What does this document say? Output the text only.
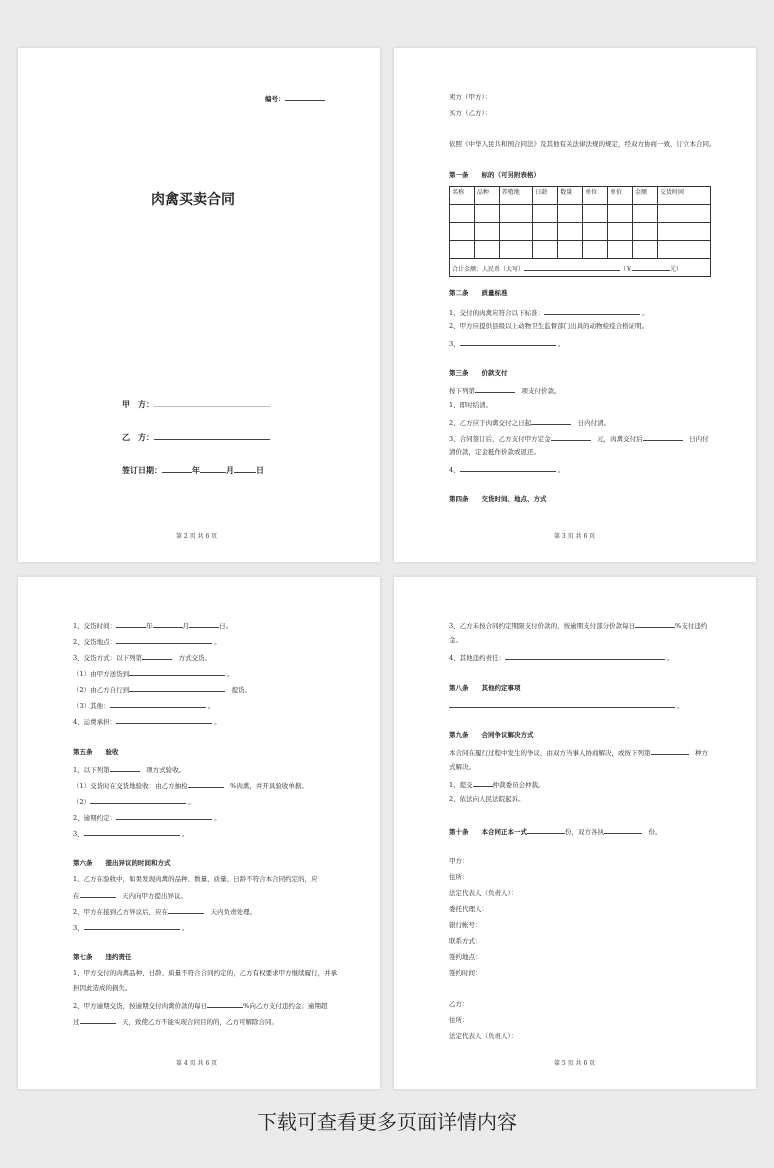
编号：
肉禽买卖合同
甲　方：
乙　方：
签订日期：	年	月	日
第 2 页 共 6 页
卖方（甲方）：
买方（乙方）：
依照《中华人民共和国合同法》及其他有关法律法规的规定，经双方协商一致，订立本合同。
第一条　　标的（可另附表格）
名称	品种	养殖地	日龄	数量	单位	单价	金额	交货时间

合计金额：人民币（大写） （￥ 元）								
第二条　　质量标准
1、交付的肉禽应符合以下标准：	。
2、甲方应提供县级以上动物卫生监督部门出具的动物检疫合格证明。
3、	。
第三条　　价款支付
按下列第　	项支付价款。
1、即时结清。
2、乙方应于肉禽交付之日起　	日内付清。
3、合同签订后，乙方支付甲方定金　	元，肉禽交付后　	日内付
清价款，定金抵作价款或返还。
4、	。
第四条　　交货时间、地点、方式
第 3 页 共 6 页
1、交货时间：	年	月	日。
2、交货地点：	。
3、交货方式：以下列第　	方式交货。
（1）由甲方送货到	。
（2）由乙方自行到　	提货。
（3）其他：	。
4、运费承担：	。
第五条　　验收
1、以下列第　	项方式验收。
（1）交货时在交货地验收：由乙方抽检　	%肉禽，并开具验收单据。
（2）	。
2、逾期约定：	。
3、	。
第六条　　提出异议的时间和方式
1、乙方在验收中，如果发现肉禽的品种、数量、质量、日龄不符合本合同约定的，应
在　	天内向甲方提出异议。
2、甲方在接到乙方异议后，应在　	天内负责处理。
3、	。
第七条　　违约责任
1、甲方交付的肉禽品种、日龄、质量不符合合同约定的，乙方有权要求甲方继续履行，并承
担因此造成的损失。
2、甲方逾期交货，按逾期交付肉禽价款的每日	%向乙方支付违约金；逾期超
过　	天，致使乙方不能实现合同目的的，乙方可解除合同。
第 4 页 共 6 页
3、乙方未按合同约定期限支付价款的，按逾期支付部分价款每日	%支付违约
金。
4、其他违约责任：	。
第八条　　其他约定事项
。
第九条　　合同争议解决方式
本合同在履行过程中发生的争议，由双方当事人协商解决，或按下列第　	种方
式解决。
1、提交	仲裁委员会仲裁。
2、依法向人民法院起诉。
第十条　　本合同正本一式	份，双方各执　	份。
甲方：
住所：
法定代表人（负责人）：
委托代理人：
银行帐号：
联系方式：
签约地点：
签约时间：
乙方：
住所：
法定代表人（负责人）：
第 5 页 共 6 页
下载可查看更多页面详情内容
